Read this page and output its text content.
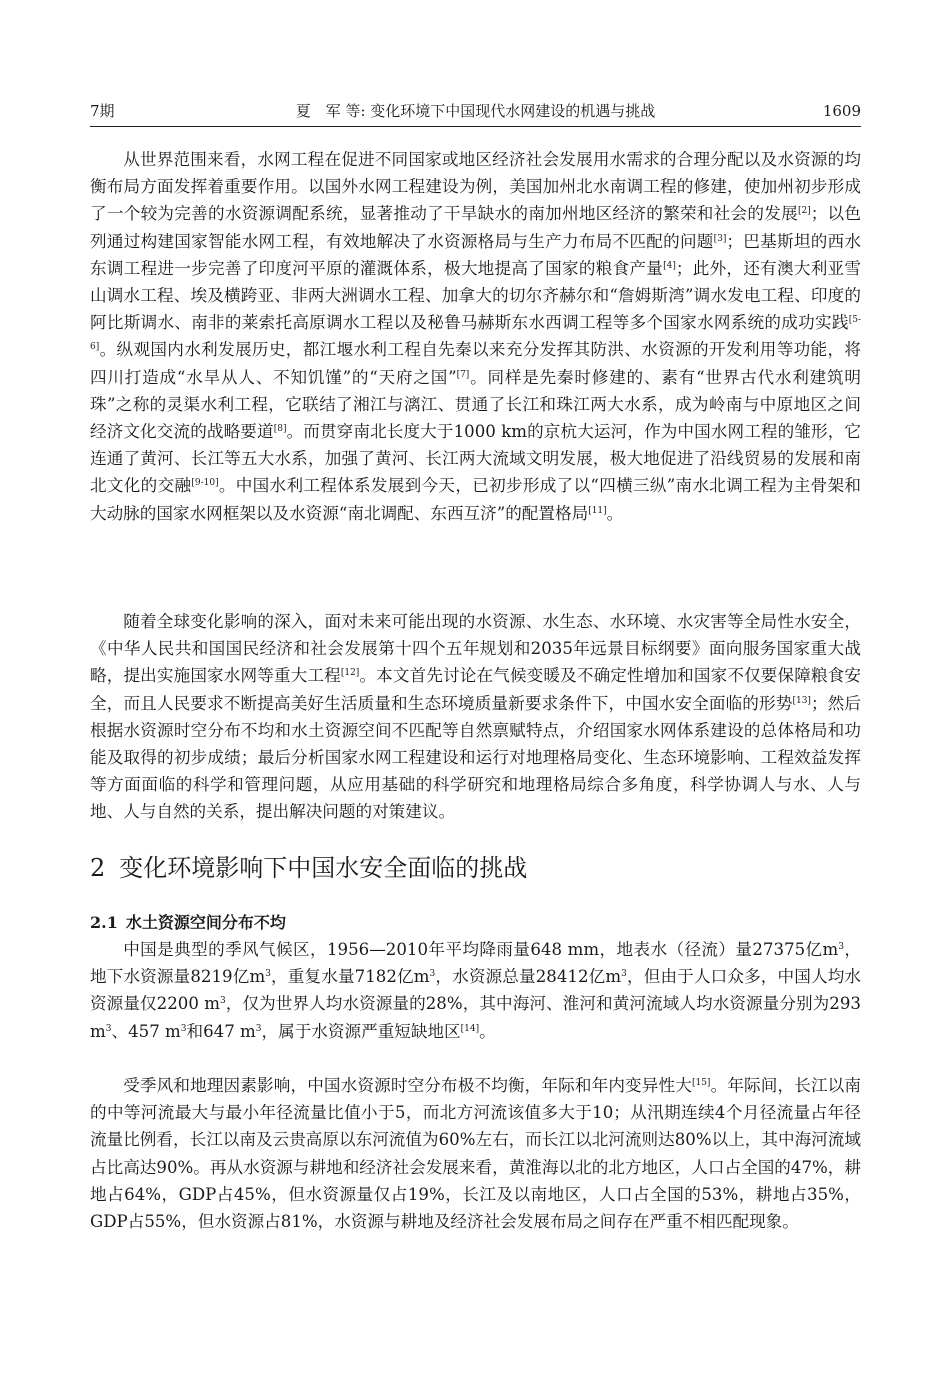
7期	夏　军 等: 变化环境下中国现代水网建设的机遇与挑战	1609

从世界范围来看，水网工程在促进不同国家或地区经济社会发展用水需求的合理分配以及水资源的均衡布局方面发挥着重要作用。以国外水网工程建设为例，美国加州北水南调工程的修建，使加州初步形成了一个较为完善的水资源调配系统，显著推动了干旱缺水的南加州地区经济的繁荣和社会的发展[2]；以色列通过构建国家智能水网工程，有效地解决了水资源格局与生产力布局不匹配的问题[3]；巴基斯坦的西水东调工程进一步完善了印度河平原的灌溉体系，极大地提高了国家的粮食产量[4]；此外，还有澳大利亚雪山调水工程、埃及横跨亚、非两大洲调水工程、加拿大的切尔齐赫尔和“詹姆斯湾”调水发电工程、印度的阿比斯调水、南非的莱索托高原调水工程以及秘鲁马赫斯东水西调工程等多个国家水网系统的成功实践[5-6]。纵观国内水利发展历史，都江堰水利工程自先秦以来充分发挥其防洪、水资源的开发利用等功能，将四川打造成“水旱从人、不知饥馑”的“天府之国”[7]。同样是先秦时修建的、素有“世界古代水利建筑明珠”之称的灵渠水利工程，它联结了湘江与漓江、贯通了长江和珠江两大水系，成为岭南与中原地区之间经济文化交流的战略要道[8]。而贯穿南北长度大于1000 km的京杭大运河，作为中国水网工程的雏形，它连通了黄河、长江等五大水系，加强了黄河、长江两大流域文明发展，极大地促进了沿线贸易的发展和南北文化的交融[9-10]。中国水利工程体系发展到今天，已初步形成了以“四横三纵”南水北调工程为主骨架和大动脉的国家水网框架以及水资源“南北调配、东西互济”的配置格局[11]。

随着全球变化影响的深入，面对未来可能出现的水资源、水生态、水环境、水灾害等全局性水安全，《中华人民共和国国民经济和社会发展第十四个五年规划和2035年远景目标纲要》面向服务国家重大战略，提出实施国家水网等重大工程[12]。本文首先讨论在气候变暖及不确定性增加和国家不仅要保障粮食安全，而且人民要求不断提高美好生活质量和生态环境质量新要求条件下，中国水安全面临的形势[13]；然后根据水资源时空分布不均和水土资源空间不匹配等自然禀赋特点，介绍国家水网体系建设的总体格局和功能及取得的初步成绩；最后分析国家水网工程建设和运行对地理格局变化、生态环境影响、工程效益发挥等方面面临的科学和管理问题，从应用基础的科学研究和地理格局综合多角度，科学协调人与水、人与地、人与自然的关系，提出解决问题的对策建议。

2 变化环境影响下中国水安全面临的挑战
2.1 水土资源空间分布不均

中国是典型的季风气候区，1956—2010年平均降雨量648 mm，地表水（径流）量27375亿$m^3$，地下水资源量8219亿$m^3$，重复水量7182亿$m^3$，水资源总量28412亿$m^3$，但由于人口众多，中国人均水资源量仅2200 $m^3$，仅为世界人均水资源量的28%，其中海河、淮河和黄河流域人均水资源量分别为293 $m^3$、457 $m^3$和647 $m^3$，属于水资源严重短缺地区[14]。

受季风和地理因素影响，中国水资源时空分布极不均衡，年际和年内变异性大[15]。年际间，长江以南的中等河流最大与最小年径流量比值小于5，而北方河流该值多大于10；从汛期连续4个月径流量占年径流量比例看，长江以南及云贵高原以东河流值为60%左右，而长江以北河流则达80%以上，其中海河流域占比高达90%。再从水资源与耕地和经济社会发展来看，黄淮海以北的北方地区，人口占全国的47%，耕地占64%，GDP占45%，但水资源量仅占19%，长江及以南地区，人口占全国的53%，耕地占35%，GDP占55%，但水资源占81%，水资源与耕地及经济社会发展布局之间存在严重不相匹配现象。
